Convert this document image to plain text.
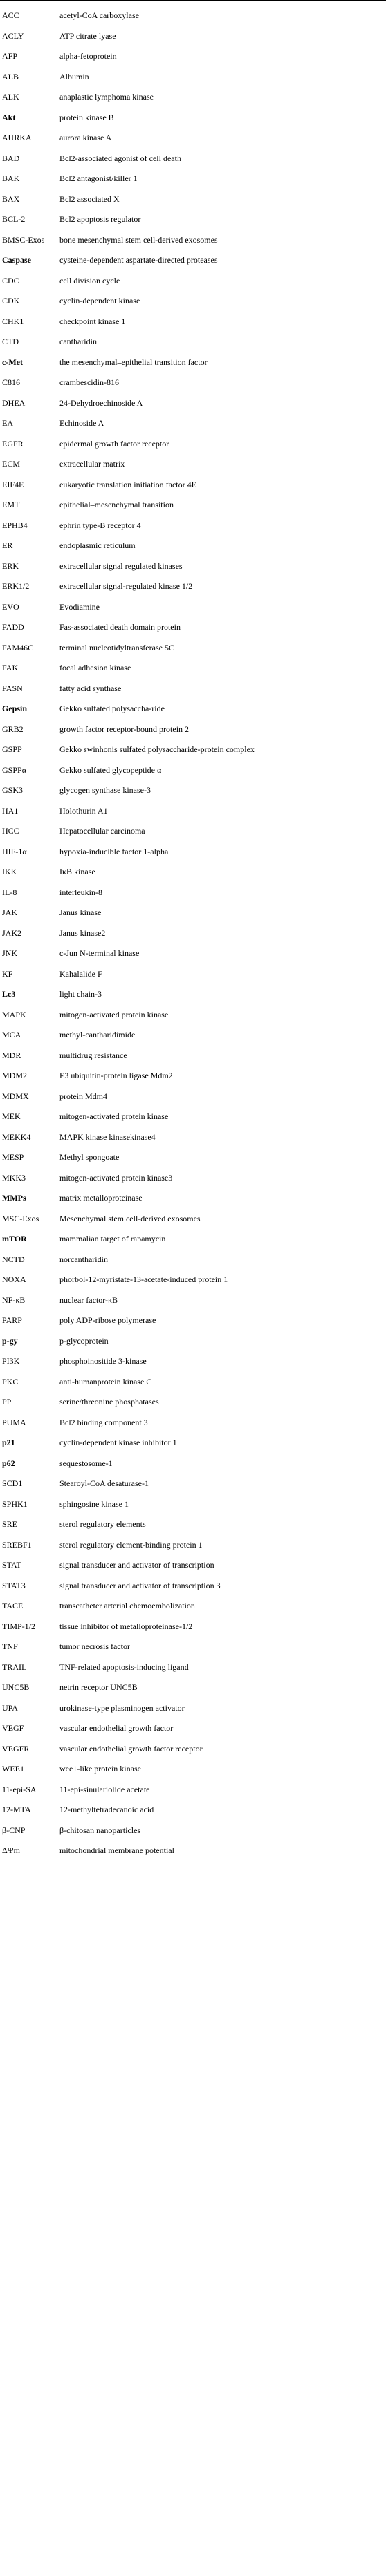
ACC	acetyl-CoA carboxylase
ACLY	ATP citrate lyase
AFP	alpha-fetoprotein
ALB	Albumin
ALK	anaplastic lymphoma kinase
Akt	protein kinase B
AURKA	aurora kinase A
BAD	Bcl2-associated agonist of cell death
BAK	Bcl2 antagonist/killer 1
BAX	Bcl2 associated X
BCL-2	Bcl2 apoptosis regulator
BMSC-Exos	bone mesenchymal stem cell-derived exosomes
Caspase	cysteine-dependent aspartate-directed proteases
CDC	cell division cycle
CDK	cyclin-dependent kinase
CHK1	checkpoint kinase 1
CTD	cantharidin
c-Met	the mesenchymal–epithelial transition factor
C816	crambescidin-816
DHEA	24-Dehydroechinoside A
EA	Echinoside A
EGFR	epidermal growth factor receptor
ECM	extracellular matrix
EIF4E	eukaryotic translation initiation factor 4E
EMT	epithelial–mesenchymal transition
EPHB4	ephrin type-B receptor 4
ER	endoplasmic reticulum
ERK	extracellular signal regulated kinases
ERK1/2	extracellular signal-regulated kinase 1/2
EVO	Evodiamine
FADD	Fas-associated death domain protein
FAM46C	terminal nucleotidyltransferase 5C
FAK	focal adhesion kinase
FASN	fatty acid synthase
Gepsin	Gekko sulfated polysaccha-ride
GRB2	growth factor receptor-bound protein 2
GSPP	Gekko swinhonis sulfated polysaccharide-protein complex
GSPPα	Gekko sulfated glycopeptide α
GSK3	glycogen synthase kinase-3
HA1	Holothurin A1
HCC	Hepatocellular carcinoma
HIF-1α	hypoxia-inducible factor 1-alpha
IKK	IκB kinase
IL-8	interleukin-8
JAK	Janus kinase
JAK2	Janus kinase2
JNK	c-Jun N-terminal kinase
KF	Kahalalide F
Lc3	light chain-3
MAPK	mitogen-activated protein kinase
MCA	methyl-cantharidimide
MDR	multidrug resistance
MDM2	E3 ubiquitin-protein ligase Mdm2
MDMX	protein Mdm4
MEK	mitogen-activated protein kinase
MEKK4	MAPK kinase kinasekinase4
MESP	Methyl spongoate
MKK3	mitogen-activated protein kinase3
MMPs	matrix metalloproteinase
MSC-Exos	Mesenchymal stem cell-derived exosomes
mTOR	mammalian target of rapamycin
NCTD	norcantharidin
NOXA	phorbol-12-myristate-13-acetate-induced protein 1
NF-κB	nuclear factor-κB
PARP	poly ADP-ribose polymerase
p-gy	p-glycoprotein
PI3K	phosphoinositide 3-kinase
PKC	anti-humanprotein kinase C
PP	serine/threonine phosphatases
PUMA	Bcl2 binding component 3
p21	cyclin-dependent kinase inhibitor 1
p62	sequestosome-1
SCD1	Stearoyl-CoA desaturase-1
SPHK1	sphingosine kinase 1
SRE	sterol regulatory elements
SREBF1	sterol regulatory element-binding protein 1
STAT	signal transducer and activator of transcription
STAT3	signal transducer and activator of transcription 3
TACE	transcatheter arterial chemoembolization
TIMP-1/2	tissue inhibitor of metalloproteinase-1/2
TNF	tumor necrosis factor
TRAIL	TNF-related apoptosis-inducing ligand
UNC5B	netrin receptor UNC5B
UPA	urokinase-type plasminogen activator
VEGF	vascular endothelial growth factor
VEGFR	vascular endothelial growth factor receptor
WEE1	wee1-like protein kinase
11-epi-SA	11-epi-sinulariolide acetate
12-MTA	12-methyltetradecanoic acid
β-CNP	β-chitosan nanoparticles
ΔΨm	mitochondrial membrane potential
